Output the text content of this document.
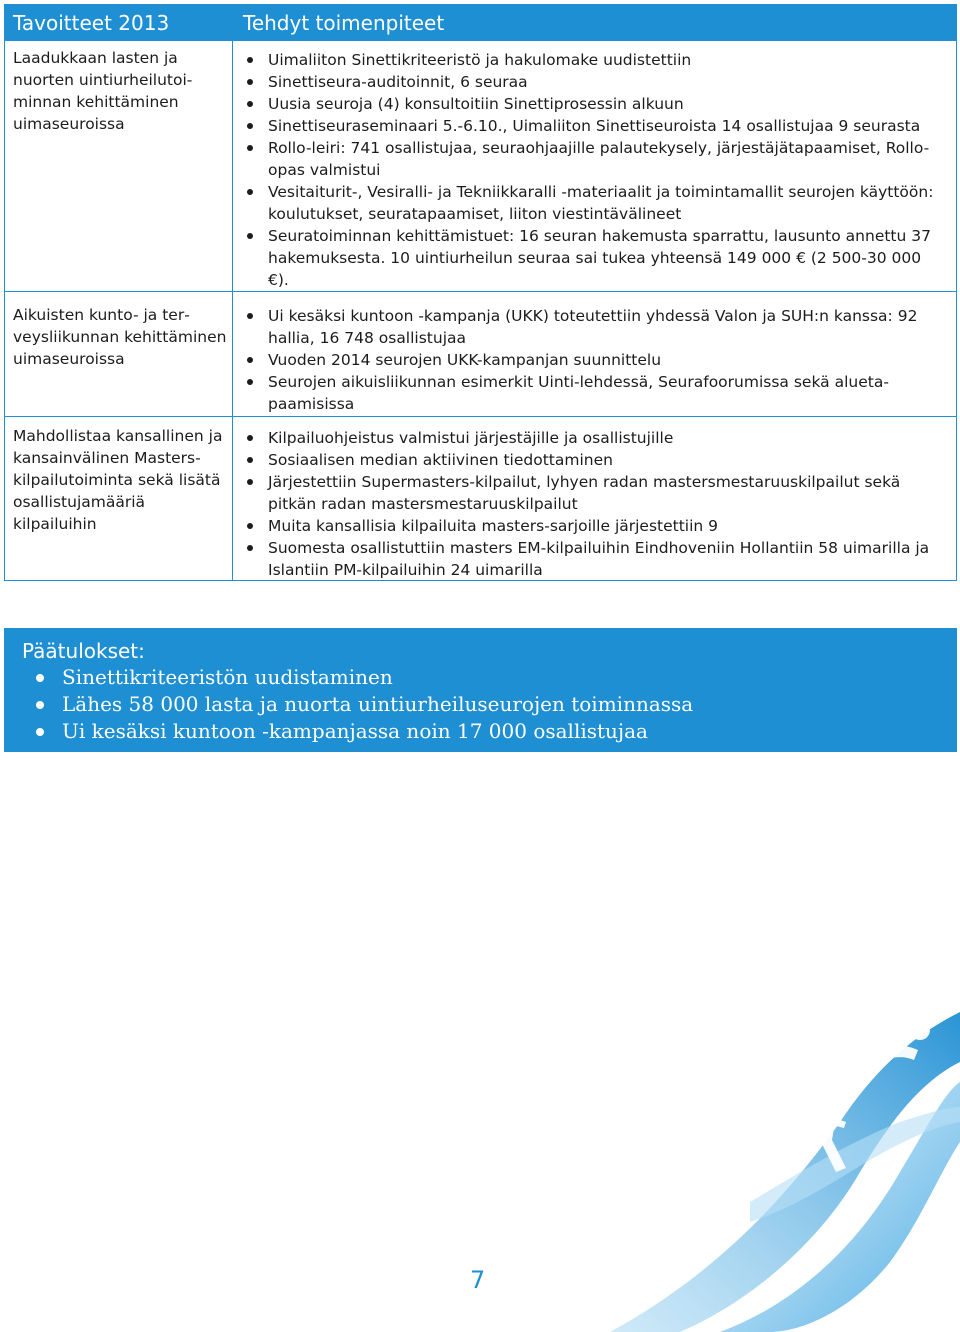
Tavoitteet 2013
Laadukkaan lasten ja nuorten uintiurheilutoiminnan kehittäminen uimaseuroissa
Aikuisten kunto- ja terveysliikunnan kehittäminen uimaseuroissa
Mahdollistaa kansallinen ja kansainvälinen Masters-kilpailutoiminta sekä lisätä osallistujamääriä kilpailuihin
Tehdyt toimenpiteet
Uimaliiton Sinettikriteeristö ja hakulomake uudistettiin
Sinettiseura-auditoinnit, 6 seuraa
Uusia seuroja (4) konsultoitiin Sinettiprosessin alkuun
Sinettiseuraseminaari 5.-6.10., Uimaliiton Sinettiseuroista 14 osallistujaa 9 seurasta
Rollo-leiri: 741 osallistujaa, seuraohjaajille palautekysely, järjestäjätapaamiset, Rollo-opas valmistui
Vesitaiturit-, Vesiralli- ja Tekniikkaralli -materiaalit ja toimintamallit seurojen käyttöön: koulutukset, seuratapaamiset, liiton viestintävälineet
Seuratoiminnan kehittämistuet: 16 seuran hakemusta sparrattu, lausunto annettu 37 hakemuksesta. 10 uintiurheilun seuraa sai tukea yhteensä 149 000 € (2 500-30 000 €).
Ui kesäksi kuntoon -kampanja (UKK) toteutettiin yhdessä Valon ja SUH:n kanssa: 92 hallia, 16 748 osallistujaa
Vuoden 2014 seurojen UKK-kampanjan suunnittelu
Seurojen aikuisliikunnan esimerkit Uinti-lehdessä, Seurafoorumissa sekä aluetapaamisissa
Kilpailuohjeistus valmistui järjestäjille ja osallistujille
Sosiaalisen median aktiivinen tiedottaminen
Järjestettiin Supermasters-kilpailut, lyhyen radan mastersmestaruuskilpailut sekä pitkän radan mastersmestaruuskilpailut
Muita kansallisia kilpailuita masters-sarjoille järjestettiin 9
Suomesta osallistuttiin masters EM-kilpailuihin Eindhoveniin Hollantiin 58 uimarilla ja Islantiin PM-kilpailuihin 24 uimarilla
Päätulokset:
Sinettikriteeristön uudistaminen
Lähes 58 000 lasta ja nuorta uintiurheiluseurojen toiminnassa
Ui kesäksi kuntoon -kampanjassa noin 17 000 osallistujaa
7
